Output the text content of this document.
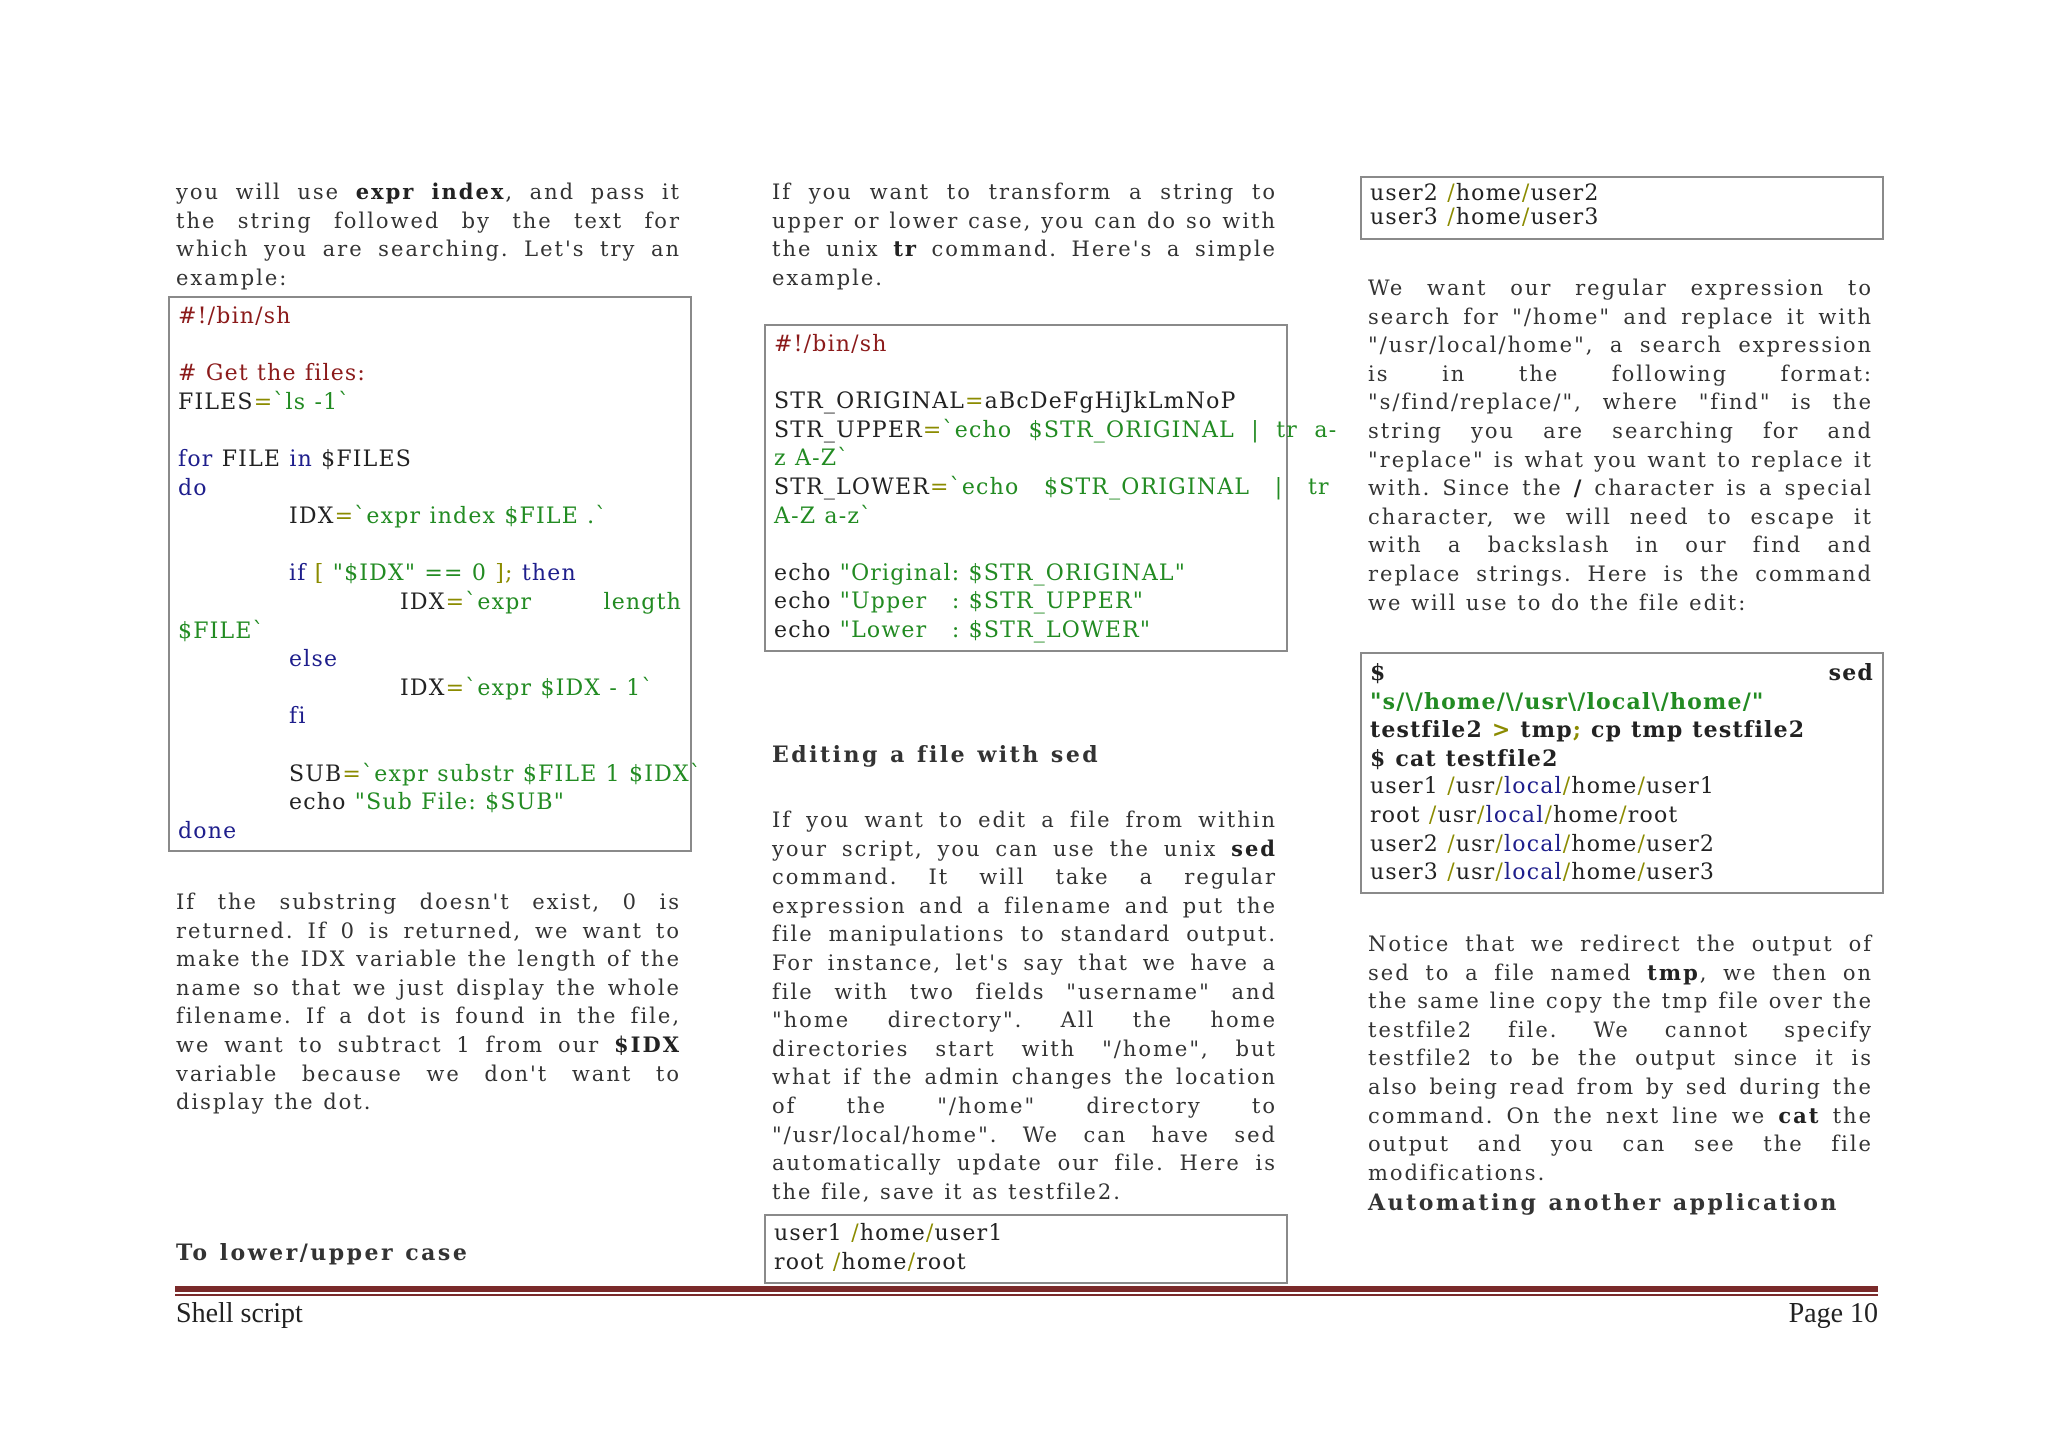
you will use expr index, and pass it the string followed by the text for which you are searching. Let's try an example:

#!/bin/sh
# Get the files:
FILES=`ls -1`
for FILE in $FILES
do
IDX=`expr index $FILE .`
if [ "$IDX" == 0 ]; then
IDX=`expr	length
$FILE`
else
IDX=`expr $IDX - 1`
fi
SUB=`expr substr $FILE 1 $IDX`
echo "Sub File: $SUB"
done

If the substring doesn't exist, 0 is returned. If 0 is returned, we want to make the IDX variable the length of the name so that we just display the whole filename. If a dot is found in the file, we want to subtract 1 from our $IDX variable because we don't want to display the dot.

To lower/upper case

If you want to transform a string to upper or lower case, you can do so with the unix tr command. Here's a simple example.

#!/bin/sh
STR_ORIGINAL=aBcDeFgHiJkLmNoP
STR_UPPER=`echo  $STR_ORIGINAL  |  tr  a-
z A-Z`
STR_LOWER=`echo   $STR_ORIGINAL   |   tr
A-Z a-z`
echo "Original: $STR_ORIGINAL"
echo "Upper   : $STR_UPPER"
echo "Lower   : $STR_LOWER"
Editing a file with sed

If you want to edit a file from within your script, you can use the unix sed command. It will take a regular expression and a filename and put the file manipulations to standard output. For instance, let's say that we have a file with two fields "username" and "home directory". All the home directories start with "/home", but what if the admin changes the location of the "/home" directory to "/usr/local/home". We can have sed automatically update our file. Here is the file, save it as testfile2.

user1 /home/user1
root /home/root
user2 /home/user2
user3 /home/user3

We want our regular expression to search for "/home" and replace it with "/usr/local/home", a search expression is in the following format: "s/find/replace/", where "find" is the string you are searching for and "replace" is what you want to replace it with. Since the / character is a special character, we will need to escape it with a backslash in our find and replace strings. Here is the command we will use to do the file edit:

$	sed
"s/\/home/\/usr\/local\/home/"
testfile2 > tmp; cp tmp testfile2
$ cat testfile2
user1 /usr/local/home/user1
root /usr/local/home/root
user2 /usr/local/home/user2
user3 /usr/local/home/user3

Notice that we redirect the output of sed to a file named tmp, we then on the same line copy the tmp file over the testfile2 file. We cannot specify testfile2 to be the output since it is also being read from by sed during the command. On the next line we cat the output and you can see the file modifications.

Automating another application
Shell script	Page 10
